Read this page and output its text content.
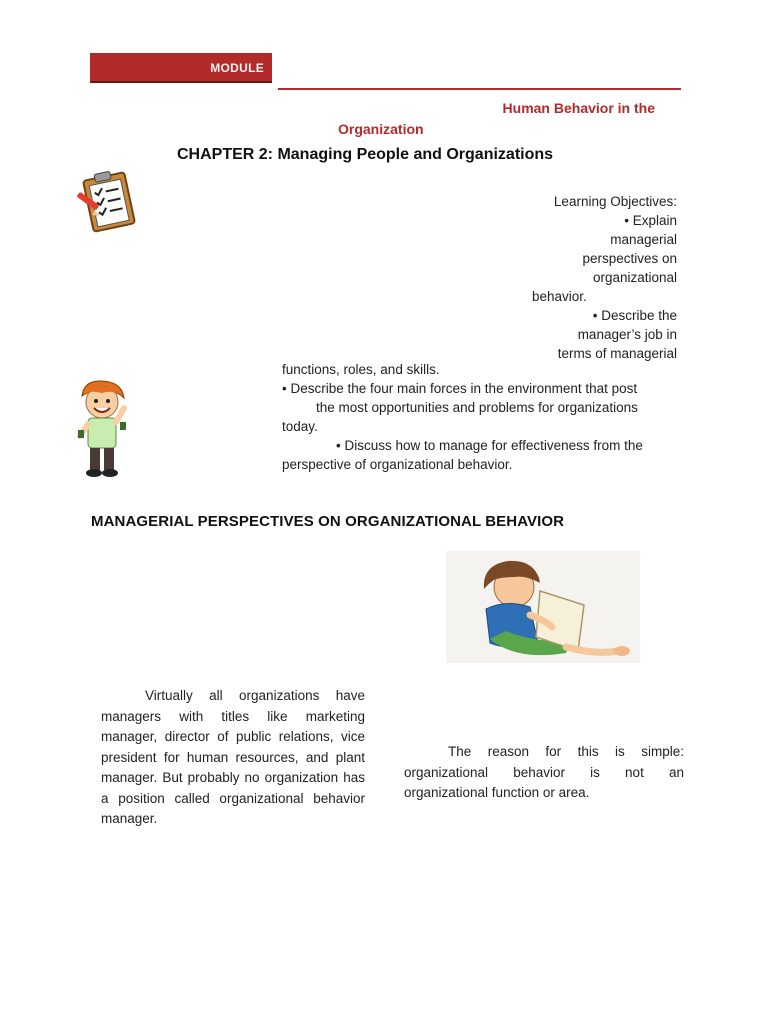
MODULE
Human Behavior in the
Organization
CHAPTER 2: Managing People and Organizations
Learning Objectives:
• Explain
managerial
perspectives on
organizational
behavior.
• Describe the
manager’s job in
terms of managerial

functions, roles, and skills.

• Describe the four main forces in the environment that post

the most opportunities and problems for organizations

today.

• Discuss how to manage for effectiveness from the

perspective of organizational behavior.

MANAGERIAL PERSPECTIVES ON ORGANIZATIONAL BEHAVIOR

Virtually all organizations have managers with titles like marketing manager, director of public relations, vice president for human resources, and plant manager. But probably no organization has a position called organizational behavior manager.

The reason for this is simple: organizational behavior is not an organizational function or area.
